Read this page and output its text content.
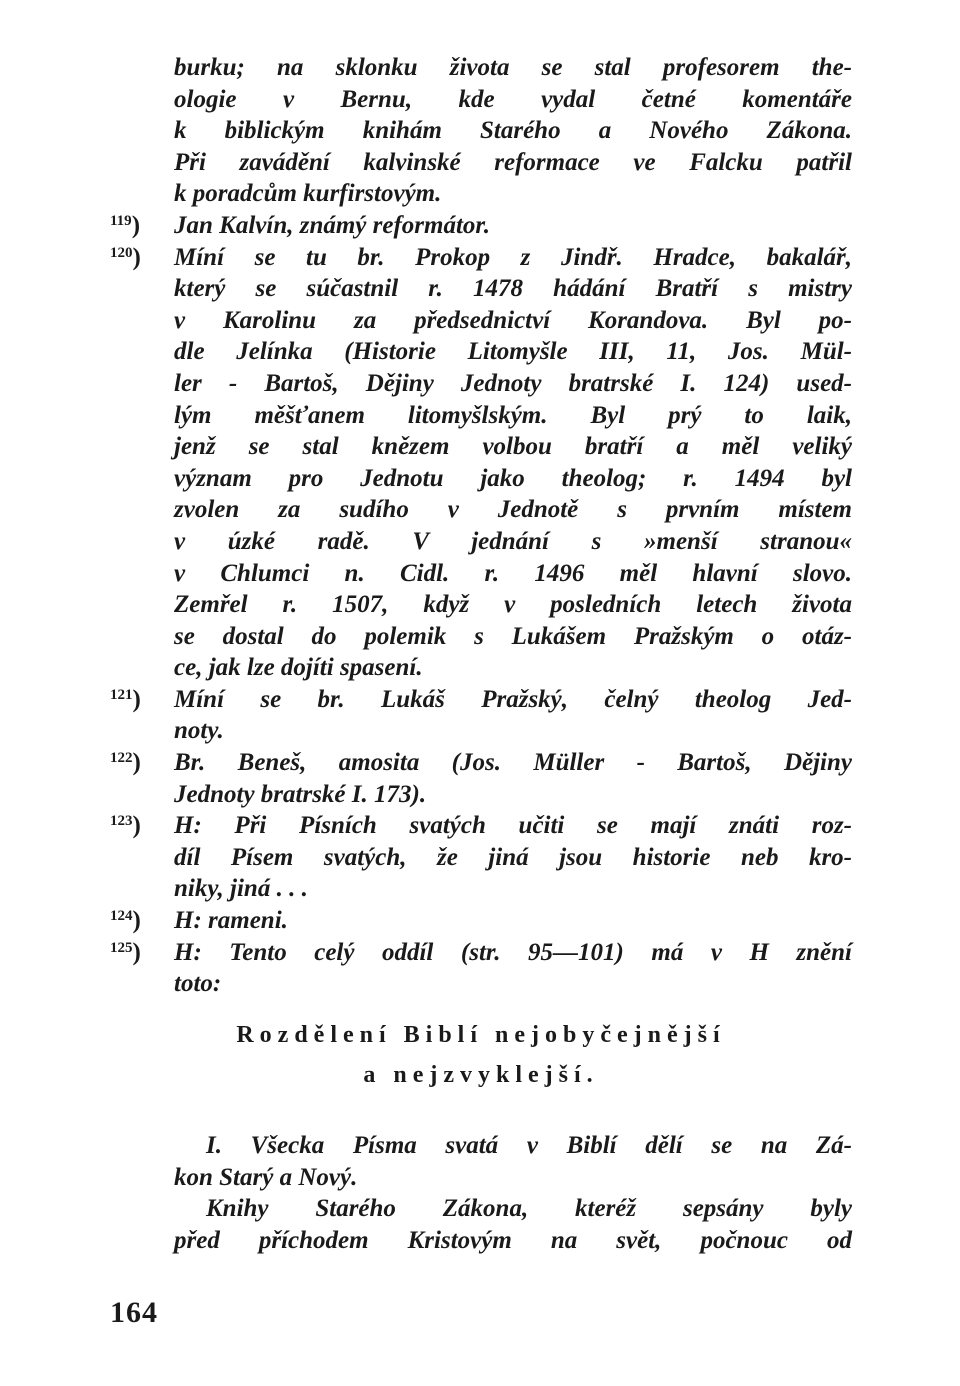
burku; na sklonku života se stal profesorem the-
ologie v Bernu, kde vydal četné komentáře
k biblickým knihám Starého a Nového Zákona.
Při zavádění kalvinské reformace ve Falcku patřil
k poradcům kurfirstovým.
$^{119}$) Jan Kalvín, známý reformátor.
$^{120}$) Míní se tu br. Prokop z Jindř. Hradce, bakalář,
který se súčastnil r. 1478 hádání Bratří s mistry
v Karolinu za předsednictví Korandova. Byl po-
dle Jelínka (Historie Litomyšle III, 11, Jos. Mül-
ler - Bartoš, Dějiny Jednoty bratrské I. 124) used-
lým měšťanem litomyšlským. Byl prý to laik,
jenž se stal knězem volbou bratří a měl veliký
význam pro Jednotu jako theolog; r. 1494 byl
zvolen za sudího v Jednotě s prvním místem
v úzké radě. V jednání s »menší stranou«
v Chlumci n. Cidl. r. 1496 měl hlavní slovo.
Zemřel r. 1507, když v posledních letech života
se dostal do polemik s Lukášem Pražským o otáz-
ce, jak lze dojíti spasení.
$^{121}$) Míní se br. Lukáš Pražský, čelný theolog Jed-
noty.
$^{122}$) Br. Beneš, amosita (Jos. Müller - Bartoš, Dějiny
Jednoty bratrské I. 173).
$^{123}$) H: Při Písních svatých učiti se mají znáti roz-
díl Písem svatých, že jiná jsou historie neb kro-
niky, jiná . . .
$^{124}$) H: rameni.
$^{125}$) H: Tento celý oddíl (str. 95—101) má v H znění
toto:
Rozdělení Biblí nejobyčejnější
a nejzvyklejší.
I. Všecka Písma svatá v Biblí dělí se na Zá-
kon Starý a Nový.
Knihy Starého Zákona, kteréž sepsány byly
před příchodem Kristovým na svět, počnouc od
164
